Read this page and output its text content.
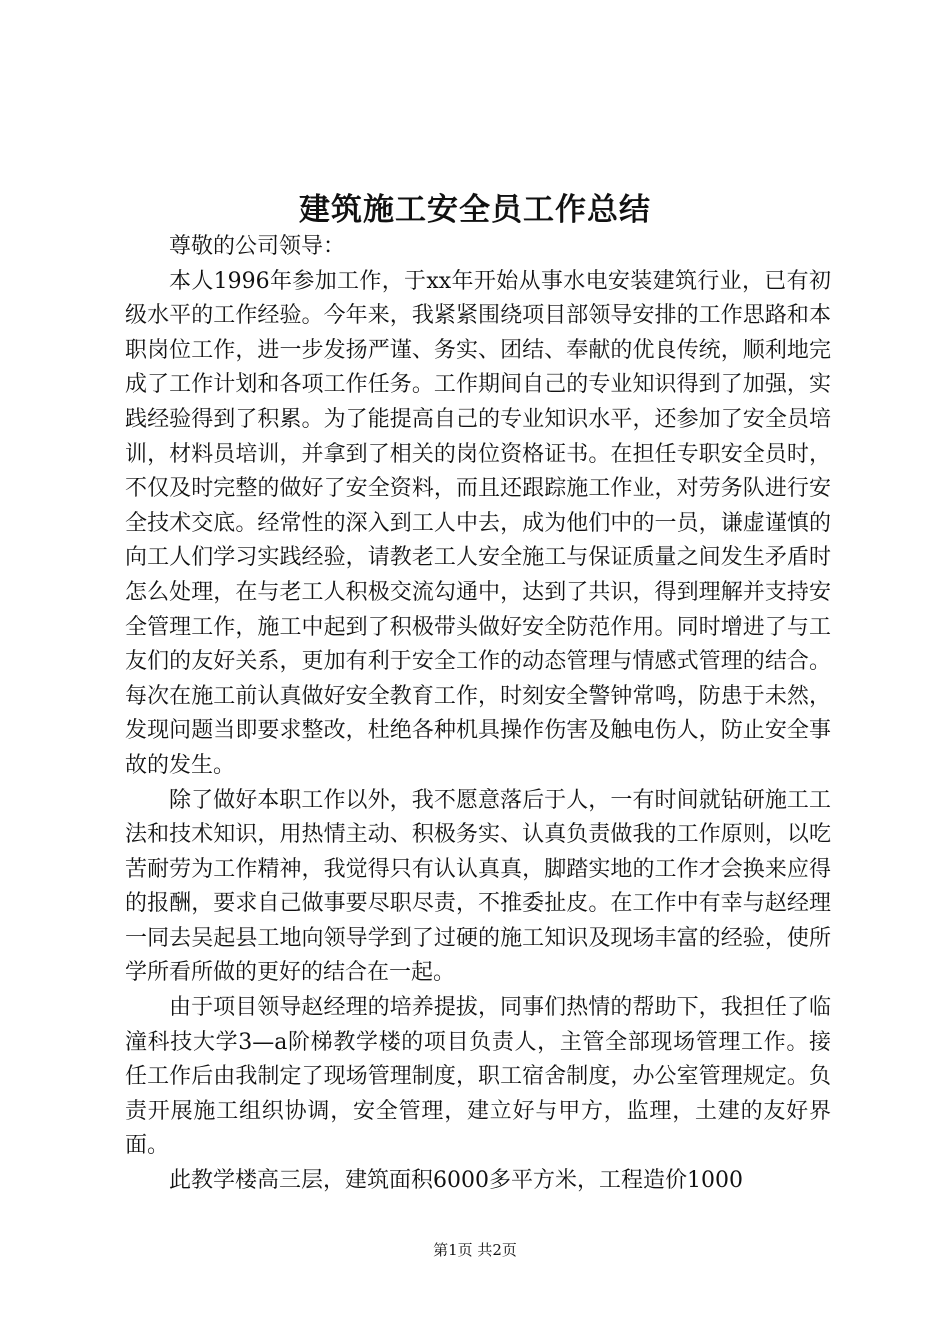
建筑施工安全员工作总结

尊敬的公司领导：

本人1996年参加工作，于xx年开始从事水电安装建筑行业，已有初级水平的工作经验。今年来，我紧紧围绕项目部领导安排的工作思路和本职岗位工作，进一步发扬严谨、务实、团结、奉献的优良传统，顺利地完成了工作计划和各项工作任务。工作期间自己的专业知识得到了加强，实践经验得到了积累。为了能提高自己的专业知识水平，还参加了安全员培训，材料员培训，并拿到了相关的岗位资格证书。在担任专职安全员时，不仅及时完整的做好了安全资料，而且还跟踪施工作业，对劳务队进行安全技术交底。经常性的深入到工人中去，成为他们中的一员，谦虚谨慎的向工人们学习实践经验，请教老工人安全施工与保证质量之间发生矛盾时怎么处理，在与老工人积极交流勾通中，达到了共识，得到理解并支持安全管理工作，施工中起到了积极带头做好安全防范作用。同时增进了与工友们的友好关系，更加有利于安全工作的动态管理与情感式管理的结合。每次在施工前认真做好安全教育工作，时刻安全警钟常鸣，防患于未然，发现问题当即要求整改，杜绝各种机具操作伤害及触电伤人，防止安全事故的发生。

除了做好本职工作以外，我不愿意落后于人，一有时间就钻研施工工法和技术知识，用热情主动、积极务实、认真负责做我的工作原则，以吃苦耐劳为工作精神，我觉得只有认认真真，脚踏实地的工作才会换来应得的报酬，要求自己做事要尽职尽责，不推委扯皮。在工作中有幸与赵经理一同去吴起县工地向领导学到了过硬的施工知识及现场丰富的经验，使所学所看所做的更好的结合在一起。

由于项目领导赵经理的培养提拔，同事们热情的帮助下，我担任了临潼科技大学3—a阶梯教学楼的项目负责人，主管全部现场管理工作。接任工作后由我制定了现场管理制度，职工宿舍制度，办公室管理规定。负责开展施工组织协调，安全管理，建立好与甲方，监理，土建的友好界面。

此教学楼高三层，建筑面积6000多平方米，工程造价1000

第1页 共2页
